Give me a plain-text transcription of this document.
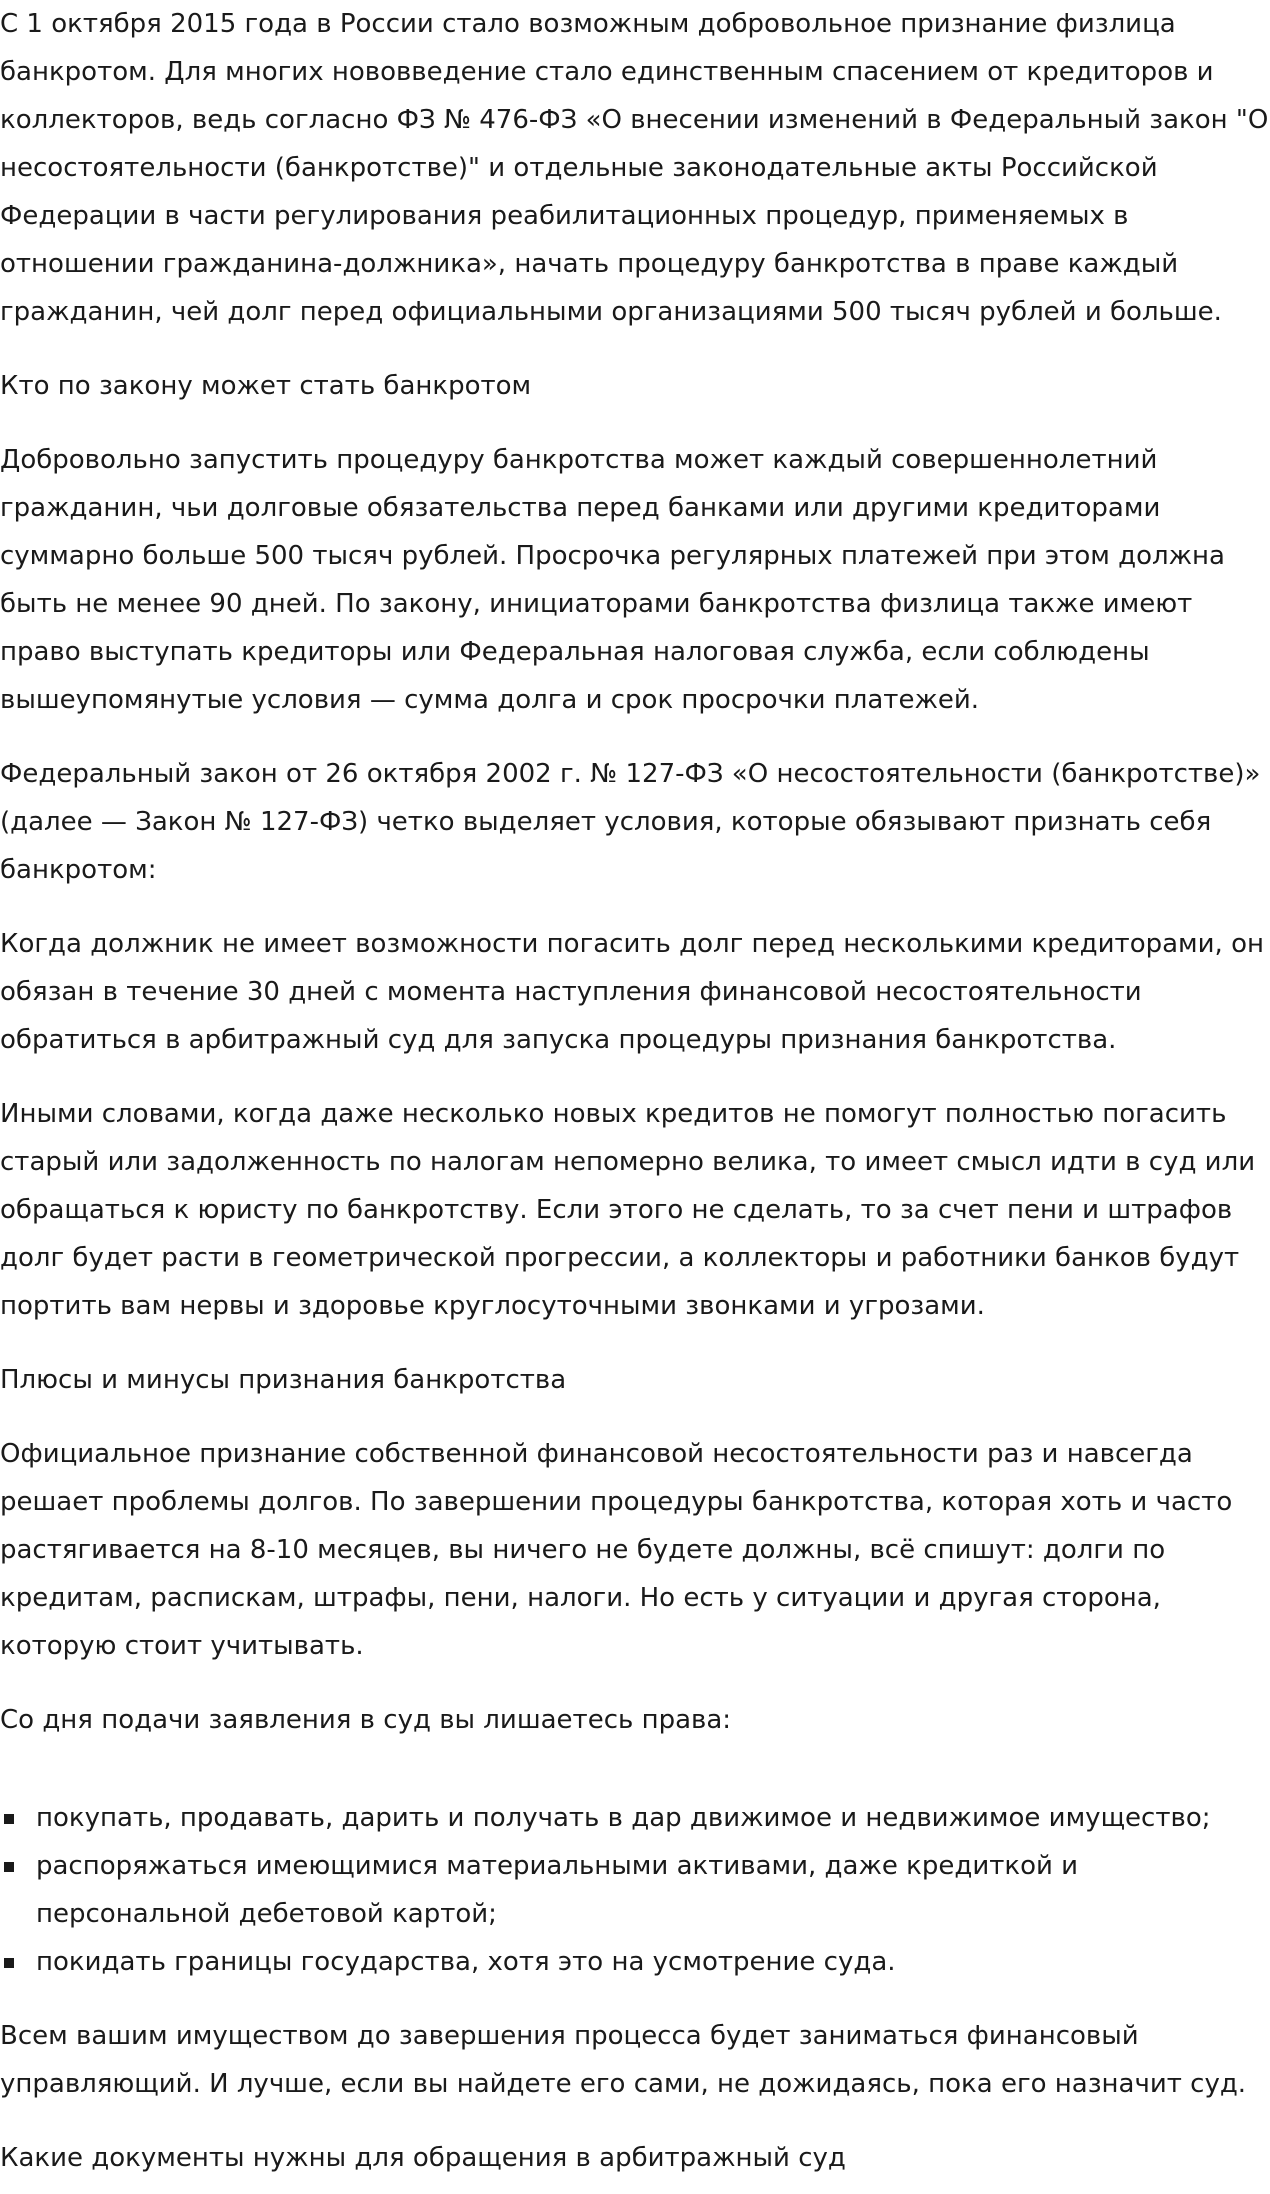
С 1 октября 2015 года в России стало возможным добровольное признание физлица банкротом. Для многих нововведение стало единственным спасением от кредиторов и коллекторов, ведь согласно ФЗ № 476-ФЗ «О внесении изменений в Федеральный закон "О несостоятельности (банкротстве)" и отдельные законодательные акты Российской Федерации в части регулирования реабилитационных процедур, применяемых в отношении гражданина-должника», начать процедуру банкротства в праве каждый гражданин, чей долг перед официальными организациями 500 тысяч рублей и больше.

Кто по закону может стать банкротом

Добровольно запустить процедуру банкротства может каждый совершеннолетний гражданин, чьи долговые обязательства перед банками или другими кредиторами суммарно больше 500 тысяч рублей. Просрочка регулярных платежей при этом должна быть не менее 90 дней. По закону, инициаторами банкротства физлица также имеют право выступать кредиторы или Федеральная налоговая служба, если соблюдены вышеупомянутые условия — сумма долга и срок просрочки платежей.

Федеральный закон от 26 октября 2002 г. № 127-ФЗ «О несостоятельности (банкротстве)» (далее — Закон № 127-ФЗ) четко выделяет условия, которые обязывают признать себя банкротом:

Когда должник не имеет возможности погасить долг перед несколькими кредиторами, он обязан в течение 30 дней с момента наступления финансовой несостоятельности обратиться в арбитражный суд для запуска процедуры признания банкротства.

Иными словами, когда даже несколько новых кредитов не помогут полностью погасить старый или задолженность по налогам непомерно велика, то имеет смысл идти в суд или обращаться к юристу по банкротству. Если этого не сделать, то за счет пени и штрафов долг будет расти в геометрической прогрессии, а коллекторы и работники банков будут портить вам нервы и здоровье круглосуточными звонками и угрозами.

Плюсы и минусы признания банкротства

Официальное признание собственной финансовой несостоятельности раз и навсегда решает проблемы долгов. По завершении процедуры банкротства, которая хоть и часто растягивается на 8-10 месяцев, вы ничего не будете должны, всё спишут: долги по кредитам, распискам, штрафы, пени, налоги. Но есть у ситуации и другая сторона, которую стоит учитывать.

Со дня подачи заявления в суд вы лишаетесь права:

покупать, продавать, дарить и получать в дар движимое и недвижимое имущество;
распоряжаться имеющимися материальными активами, даже кредиткой и персональной дебетовой картой;
покидать границы государства, хотя это на усмотрение суда.

Всем вашим имуществом до завершения процесса будет заниматься финансовый управляющий. И лучше, если вы найдете его сами, не дожидаясь, пока его назначит суд.

Какие документы нужны для обращения в арбитражный суд
